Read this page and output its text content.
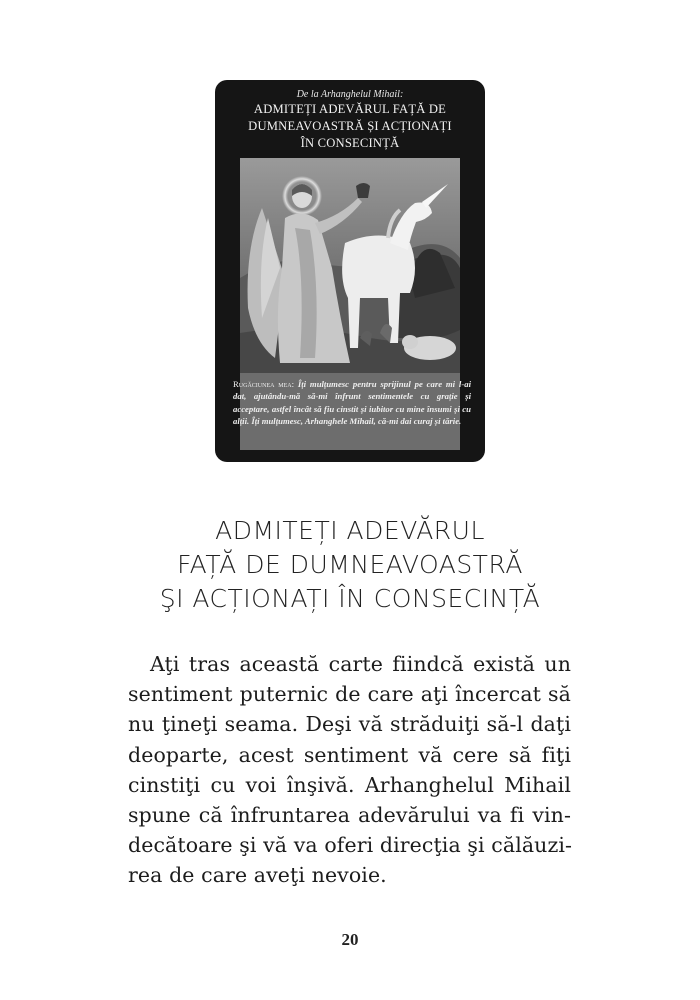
De la Arhanghelul Mihail:
ADMITEȚI ADEVĂRUL FAȚĂ DE
DUMNEAVOASTRĂ ȘI ACȚIONAȚI
ÎN CONSECINȚĂ
Rugăciunea mea: Îți mulțumesc pentru sprijinul pe care mi l-ai dat, ajutându-mă să-mi înfrunt sentimentele cu grație și acceptare, astfel încât să fiu cinstit și iubitor cu mine însumi și cu alții. Îți mulțumesc, Arhanghele Mihail, că-mi dai curaj și tărie.
ADMITEȚI ADEVĂRUL
FAȚĂ DE DUMNEAVOASTRĂ
ŞI ACȚIONAȚI ÎN CONSECINȚĂ
Aţi tras această carte fiindcă există un
sentiment puternic de care aţi încercat să
nu ţineţi seama. Deşi vă străduiţi să-l daţi
deoparte, acest sentiment vă cere să fiţi
cinstiţi cu voi înşivă. Arhanghelul Mihail
spune că înfruntarea adevărului va fi vin-
decătoare şi vă va oferi direcţia şi călăuzi-
rea de care aveţi nevoie.
20
